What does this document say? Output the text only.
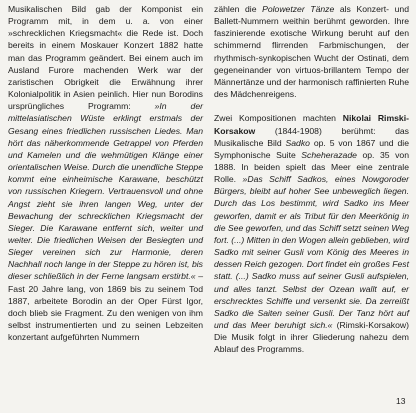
Musikalischen Bild gab der Komponist ein Programm mit, in dem u. a. von einer »schrecklichen Kriegsmacht« die Rede ist. Doch bereits in einem Moskauer Konzert 1882 hatte man das Programm geändert. Bei einem auch im Ausland Furore machenden Werk war der zaristischen Obrigkeit die Erwähnung ihrer Kolonialpolitik in Asien peinlich. Hier nun Borodins ursprüngliches Programm: »In der mittelasiatischen Wüste erklingt erstmals der Gesang eines friedlichen russischen Liedes. Man hört das näherkommende Getrappel von Pferden und Kamelen und die wehmütigen Klänge einer orientalischen Weise. Durch die unendliche Steppe kommt eine einheimische Karawane, beschützt von russischen Kriegern. Vertrauensvoll und ohne Angst zieht sie ihren langen Weg, unter der Bewachung der schrecklichen Kriegsmacht der Sieger. Die Karawane entfernt sich, weiter und weiter. Die friedlichen Weisen der Besiegten und Sieger vereinen sich zur Harmonie, deren Nachhall noch lange in der Steppe zu hören ist, bis dieser schließlich in der Ferne langsam erstirbt.« – Fast 20 Jahre lang, von 1869 bis zu seinem Tod 1887, arbeitete Borodin an der Oper Fürst Igor, doch blieb sie Fragment. Zu den wenigen von ihm selbst instrumentierten und zu seinen Lebzeiten konzertant aufgeführten Nummern

zählen die Polowetzer Tänze als Konzert- und Ballett-Nummern weithin berühmt geworden. Ihre faszinierende exotische Wirkung beruht auf den schimmernd flirrenden Farbmischungen, der rhythmisch-synkopischen Wucht der Ostinati, dem gegeneinander von virtuos-brillantem Tempo der Männertänze und der harmonisch raffinierten Ruhe des Mädchenreigens.

Zwei Kompositionen machten Nikolai Rimski-Korsakow (1844-1908) berühmt: das Musikalische Bild Sadko op. 5 von 1867 und die Symphonische Suite Scheherazade op. 35 von 1888. In beiden spielt das Meer eine zentrale Rolle. »Das Schiff Sadkos, eines Nowgoroder Bürgers, bleibt auf hoher See unbeweglich liegen. Durch das Los bestimmt, wird Sadko ins Meer geworfen, damit er als Tribut für den Meerkönig in die See geworfen, und das Schiff setzt seinen Weg fort. (...) Mitten in den Wogen allein geblieben, wird Sadko mit seiner Gusli vom König des Meeres in dessen Reich gezogen. Dort findet ein großes Fest statt. (...) Sadko muss auf seiner Gusli aufspielen, und alles tanzt. Selbst der Ozean wallt auf, er erschrecktes Schiffe und versenkt sie. Da zerreißt Sadko die Saiten seiner Gusli. Der Tanz hört auf und das Meer beruhigt sich.« (Rimski-Korsakow) Die Musik folgt in ihrer Gliederung nahezu dem Ablauf des Programms.

13
